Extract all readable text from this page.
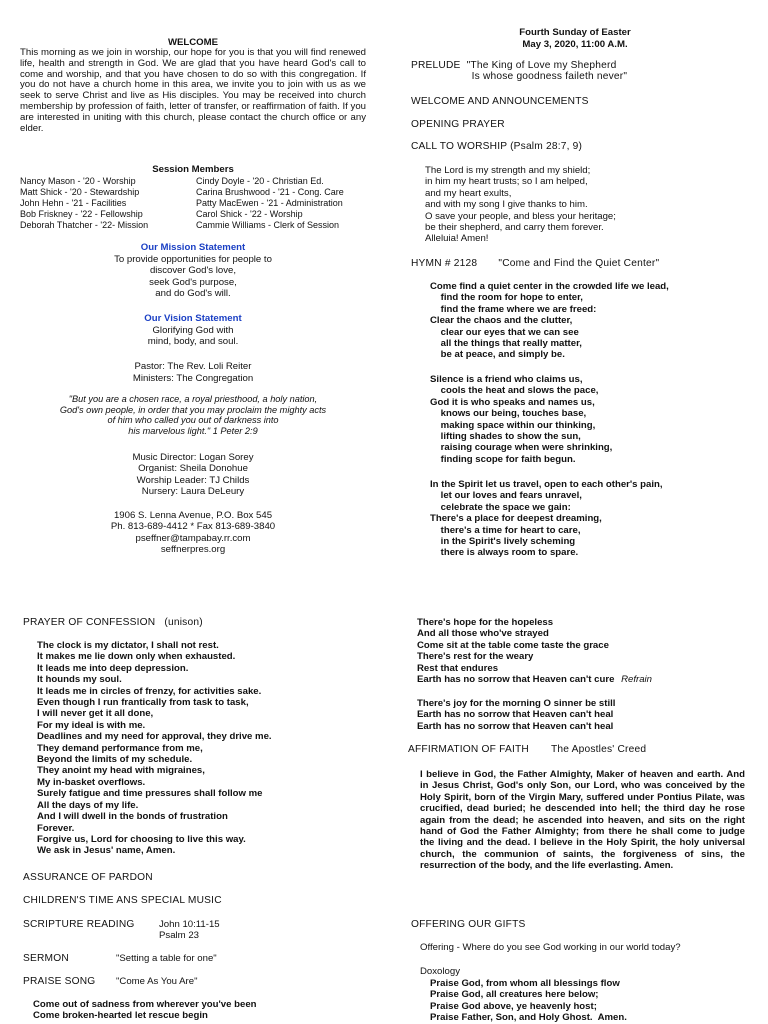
WELCOME
This morning as we join in worship, our hope for you is that you will find renewed life, health and strength in God. We are glad that you have heard God's call to come and worship, and that you have chosen to do so with this congregation. If you do not have a church home in this area, we invite you to join with us as we seek to serve Christ and live as His disciples. You may be received into church membership by profession of faith, letter of transfer, or reaffirmation of faith. If you are interested in uniting with this church, please contact the church office or any elder.
Session Members
Nancy Mason - '20 - Worship
Matt Shick - '20 - Stewardship
John Hehn - '21 - Facilities
Bob Friskney - '22 - Fellowship
Deborah Thatcher - '22- Mission
Cindy Doyle - '20 - Christian Ed.
Carina Brushwood - '21 - Cong. Care
Patty MacEwen - '21 - Administration
Carol Shick - '22 - Worship
Cammie Williams - Clerk of Session
Our Mission Statement
To provide opportunities for people to
discover God's love,
seek God's purpose,
and do God's will.
Our Vision Statement
Glorifying God with
mind, body, and soul.
Pastor: The Rev. Loli Reiter
Ministers: The Congregation
"But you are a chosen race, a royal priesthood, a holy nation,
God's own people, in order that you may proclaim the mighty acts
of him who called you out of darkness into
his marvelous light." 1 Peter 2:9
Music Director: Logan Sorey
Organist: Sheila Donohue
Worship Leader: TJ Childs
Nursery: Laura DeLeury
1906 S. Lenna Avenue, P.O. Box 545
Ph. 813-689-4412 * Fax 813-689-3840
pseffner@tampabay.rr.com
seffnerpres.org
Fourth Sunday of Easter
May 3, 2020, 11:00 A.M.
PRELUDE  "The King of Love my Shepherd
Is whose goodness faileth never"
WELCOME AND ANNOUNCEMENTS
OPENING PRAYER
CALL TO WORSHIP (Psalm 28:7, 9)
The Lord is my strength and my shield;
in him my heart trusts; so I am helped,
and my heart exults,
and with my song I give thanks to him.
O save your people, and bless your heritage;
be their shepherd, and carry them forever.
Alleluia! Amen!
HYMN # 2128       "Come and Find the Quiet Center"
Come find a quiet center in the crowded life we lead,
find the room for hope to enter,
find the frame where we are freed:
Clear the chaos and the clutter,
clear our eyes that we can see
all the things that really matter,
be at peace, and simply be.
Silence is a friend who claims us,
cools the heat and slows the pace,
God it is who speaks and names us,
knows our being, touches base,
making space within our thinking,
lifting shades to show the sun,
raising courage when were shrinking,
finding scope for faith begun.
In the Spirit let us travel, open to each other's pain,
let our loves and fears unravel,
celebrate the space we gain:
There's a place for deepest dreaming,
there's a time for heart to care,
in the Spirit's lively scheming
there is always room to spare.
PRAYER OF CONFESSION   (unison)
The clock is my dictator, I shall not rest.
It makes me lie down only when exhausted.
It leads me into deep depression.
It hounds my soul.
It leads me in circles of frenzy, for activities sake.
Even though I run frantically from task to task,
I will never get it all done,
For my ideal is with me.
Deadlines and my need for approval, they drive me.
They demand performance from me,
Beyond the limits of my schedule.
They anoint my head with migraines,
My in-basket overflows.
Surely fatigue and time pressures shall follow me
All the days of my life.
And I will dwell in the bonds of frustration
Forever.
Forgive us, Lord for choosing to live this way.
We ask in Jesus' name, Amen.
ASSURANCE OF PARDON
CHILDREN'S TIME ANS SPECIAL MUSIC
SCRIPTURE READING	John 10:11-15
Psalm 23
SERMON	"Setting a table for one"
PRAISE SONG "Come As You Are"
Come out of sadness from wherever you've been
Come broken-hearted let rescue begin
There's hope for the hopeless
And all those who've strayed
Come sit at the table come taste the grace
There's rest for the weary
Rest that endures
Earth has no sorrow that Heaven can't cure Refrain
There's joy for the morning O sinner be still
Earth has no sorrow that Heaven can't heal
Earth has no sorrow that Heaven can't heal
AFFIRMATION OF FAITH The Apostles' Creed
I believe in God, the Father Almighty, Maker of heaven and earth. And in Jesus Christ, God's only Son, our Lord, who was conceived by the Holy Spirit, born of the Virgin Mary, suffered under Pontius Pilate, was crucified, dead buried; he descended into hell; the third day he rose again from the dead; he ascended into heaven, and sits on the right hand of God the Father Almighty; from there he shall come to judge the living and the dead. I believe in the Holy Spirit, the holy universal church, the communion of saints, the forgiveness of sins, the resurrection of the body, and the life everlasting. Amen.
OFFERING OUR GIFTS
Offering - Where do you see God working in our world today?
Doxology
Praise God, from whom all blessings flow
Praise God, all creatures here below;
Praise God above, ye heavenly host;
Praise Father, Son, and Holy Ghost.  Amen.
